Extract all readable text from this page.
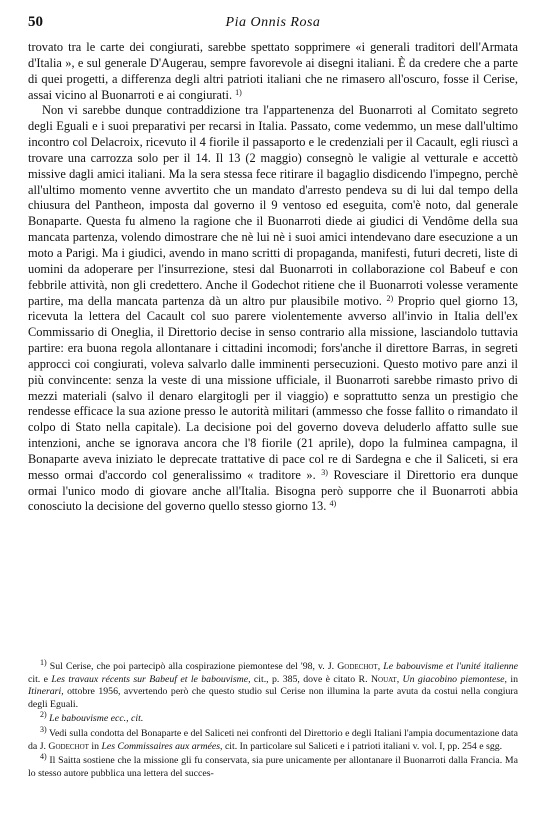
50	Pia Onnis Rosa

trovato tra le carte dei congiurati, sarebbe spettato sopprimere «i generali traditori dell'Armata d'Italia », e sul generale D'Augerau, sempre favorevole ai disegni italiani. È da credere che a parte di quei progetti, a differenza degli altri patrioti italiani che ne rimasero all'oscuro, fosse il Cerise, assai vicino al Buonarroti e ai congiurati. $^{1)}$

Non vi sarebbe dunque contraddizione tra l'appartenenza del Buonarroti al Comitato segreto degli Eguali e i suoi preparativi per recarsi in Italia. Passato, come vedemmo, un mese dall'ultimo incontro col Delacroix, ricevuto il 4 fiorile il passaporto e le credenziali per il Cacault, egli riuscì a trovare una carrozza solo per il 14. Il 13 (2 maggio) consegnò le valigie al vetturale e accettò missive dagli amici italiani. Ma la sera stessa fece ritirare il bagaglio disdicendo l'impegno, perchè all'ultimo momento venne avvertito che un mandato d'arresto pendeva su di lui dal tempo della chiusura del Pantheon, imposta dal governo il 9 ventoso ed eseguita, com'è noto, dal generale Bonaparte. Questa fu almeno la ragione che il Buonarroti diede ai giudici di Vendôme della sua mancata partenza, volendo dimostrare che nè lui nè i suoi amici intendevano dare esecuzione a un moto a Parigi. Ma i giudici, avendo in mano scritti di propaganda, manifesti, futuri decreti, liste di uomini da adoperare per l'insurrezione, stesi dal Buonarroti in collaborazione col Babeuf e con febbrile attività, non gli credettero. Anche il Godechot ritiene che il Buonarroti volesse veramente partire, ma della mancata partenza dà un altro pur plausibile motivo. $^{2)}$ Proprio quel giorno 13, ricevuta la lettera del Cacault col suo parere violentemente avverso all'invio in Italia dell'ex Commissario di Oneglia, il Direttorio decise in senso contrario alla missione, lasciandolo tuttavia partire: era buona regola allontanare i cittadini incomodi; fors'anche il direttore Barras, in segreti approcci coi congiurati, voleva salvarlo dalle imminenti persecuzioni. Questo motivo pare anzi il più convincente: senza la veste di una missione ufficiale, il Buonarroti sarebbe rimasto privo di mezzi materiali (salvo il denaro elargitogli per il viaggio) e soprattutto senza un prestigio che rendesse efficace la sua azione presso le autorità militari (ammesso che fosse fallito o rimandato il colpo di Stato nella capitale). La decisione poi del governo doveva deluderlo affatto sulle sue intenzioni, anche se ignorava ancora che l'8 fiorile (21 aprile), dopo la fulminea campagna, il Bonaparte aveva iniziato le deprecate trattative di pace col re di Sardegna e che il Saliceti, si era messo ormai d'accordo col generalissimo « traditore ». $^{3)}$ Rovesciare il Direttorio era dunque ormai l'unico modo di giovare anche all'Italia. Bisogna però supporre che il Buonarroti abbia conosciuto la decisione del governo quello stesso giorno 13. $^{4)}$

$^{1)}$ Sul Cerise, che poi partecipò alla cospirazione piemontese del '98, v. J. Godechot, Le babouvisme et l'unité italienne cit. e Les travaux récents sur Babeuf et le babouvisme, cit., p. 385, dove è citato R. Nouat, Un giacobino piemontese, in Itinerari, ottobre 1956, avvertendo però che questo studio sul Cerise non illumina la parte avuta da costui nella congiura degli Eguali.

$^{2)}$ Le babouvisme ecc., cit.

$^{3)}$ Vedi sulla condotta del Bonaparte e del Saliceti nei confronti del Direttorio e degli Italiani l'ampia documentazione data da J. Godechot in Les Commissaires aux armées, cit. In particolare sul Saliceti e i patrioti italiani v. vol. I, pp. 254 e sgg.

$^{4)}$ Il Saitta sostiene che la missione gli fu conservata, sia pure unicamente per allontanare il Buonarroti dalla Francia. Ma lo stesso autore pubblica una lettera del succes-
